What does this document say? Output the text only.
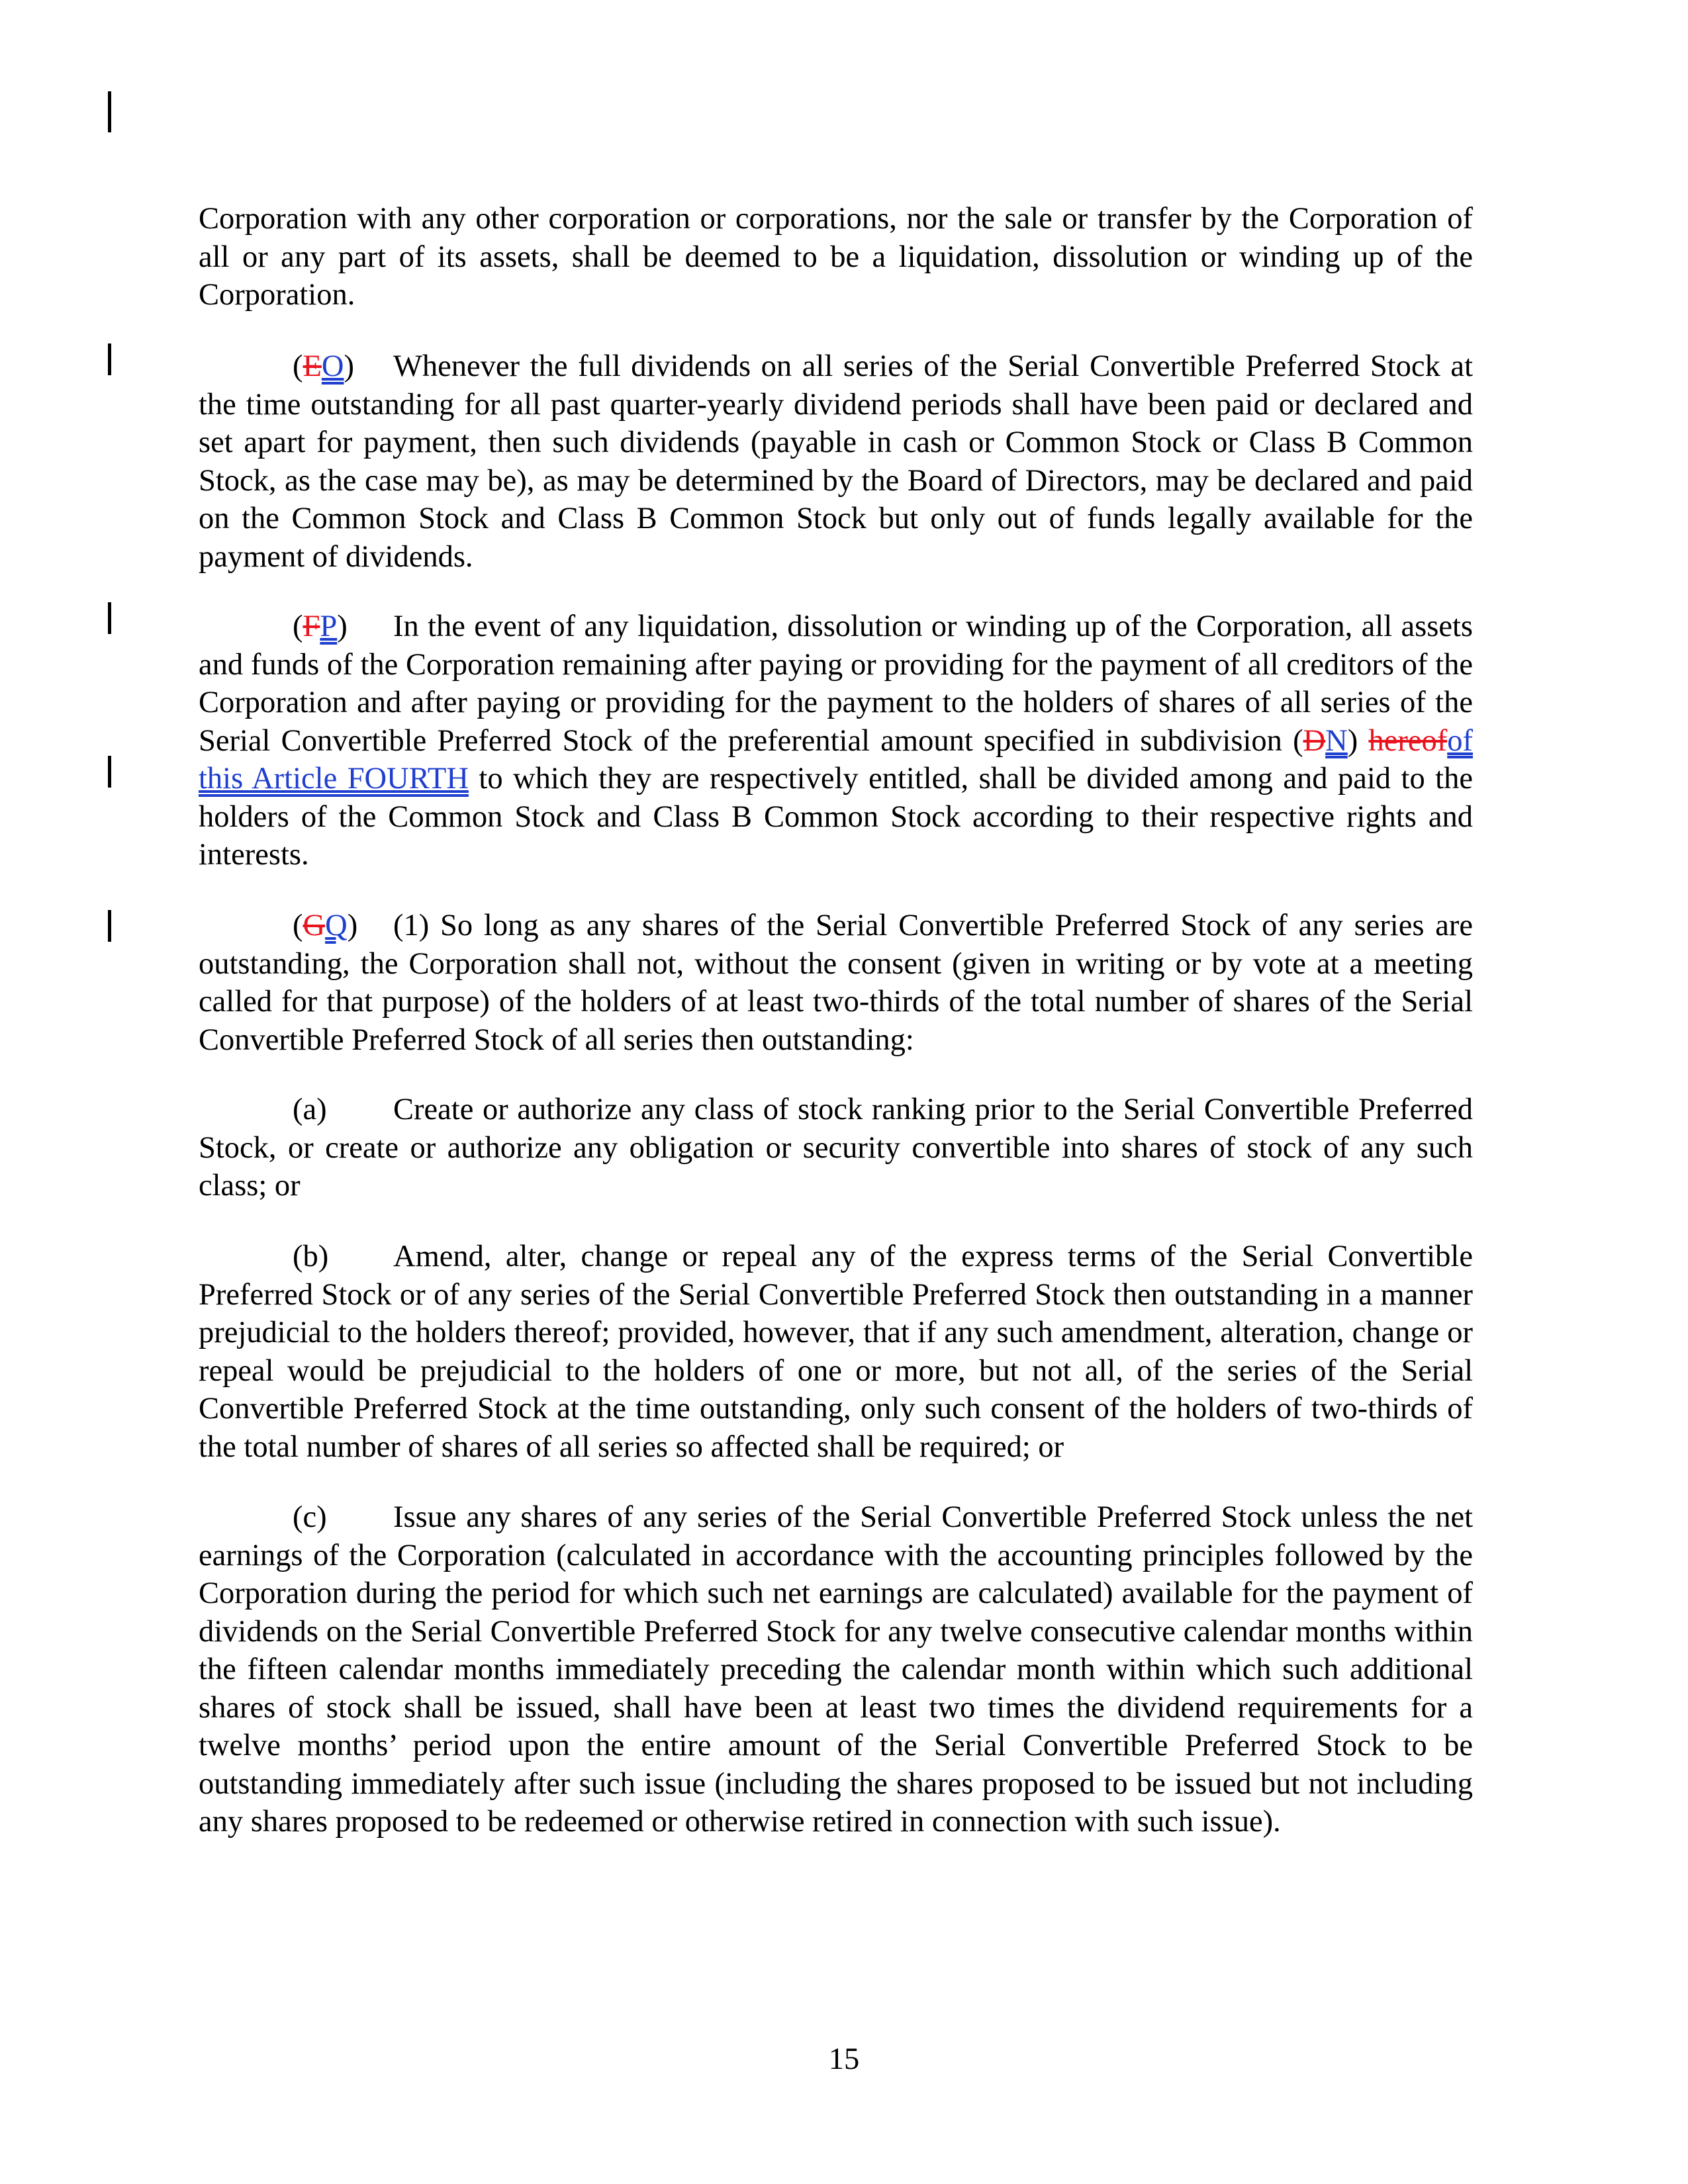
Corporation with any other corporation or corporations, nor the sale or transfer by the Corporation of all or any part of its assets, shall be deemed to be a liquidation, dissolution or winding up of the Corporation.

(EO) Whenever the full dividends on all series of the Serial Convertible Preferred Stock at the time outstanding for all past quarter-yearly dividend periods shall have been paid or declared and set apart for payment, then such dividends (payable in cash or Common Stock or Class B Common Stock, as the case may be), as may be determined by the Board of Directors, may be declared and paid on the Common Stock and Class B Common Stock but only out of funds legally available for the payment of dividends.

(FP) In the event of any liquidation, dissolution or winding up of the Corporation, all assets and funds of the Corporation remaining after paying or providing for the payment of all creditors of the Corporation and after paying or providing for the payment to the holders of shares of all series of the Serial Convertible Preferred Stock of the preferential amount specified in subdivision (DN) hereofof this Article FOURTH to which they are respectively entitled, shall be divided among and paid to the holders of the Common Stock and Class B Common Stock according to their respective rights and interests.

(GQ) (1) So long as any shares of the Serial Convertible Preferred Stock of any series are outstanding, the Corporation shall not, without the consent (given in writing or by vote at a meeting called for that purpose) of the holders of at least two-thirds of the total number of shares of the Serial Convertible Preferred Stock of all series then outstanding:

(a) Create or authorize any class of stock ranking prior to the Serial Convertible Preferred Stock, or create or authorize any obligation or security convertible into shares of stock of any such class; or

(b) Amend, alter, change or repeal any of the express terms of the Serial Convertible Preferred Stock or of any series of the Serial Convertible Preferred Stock then outstanding in a manner prejudicial to the holders thereof; provided, however, that if any such amendment, alteration, change or repeal would be prejudicial to the holders of one or more, but not all, of the series of the Serial Convertible Preferred Stock at the time outstanding, only such consent of the holders of two-thirds of the total number of shares of all series so affected shall be required; or

(c) Issue any shares of any series of the Serial Convertible Preferred Stock unless the net earnings of the Corporation (calculated in accordance with the accounting principles followed by the Corporation during the period for which such net earnings are calculated) available for the payment of dividends on the Serial Convertible Preferred Stock for any twelve consecutive calendar months within the fifteen calendar months immediately preceding the calendar month within which such additional shares of stock shall be issued, shall have been at least two times the dividend requirements for a twelve months’ period upon the entire amount of the Serial Convertible Preferred Stock to be outstanding immediately after such issue (including the shares proposed to be issued but not including any shares proposed to be redeemed or otherwise retired in connection with such issue).

15
